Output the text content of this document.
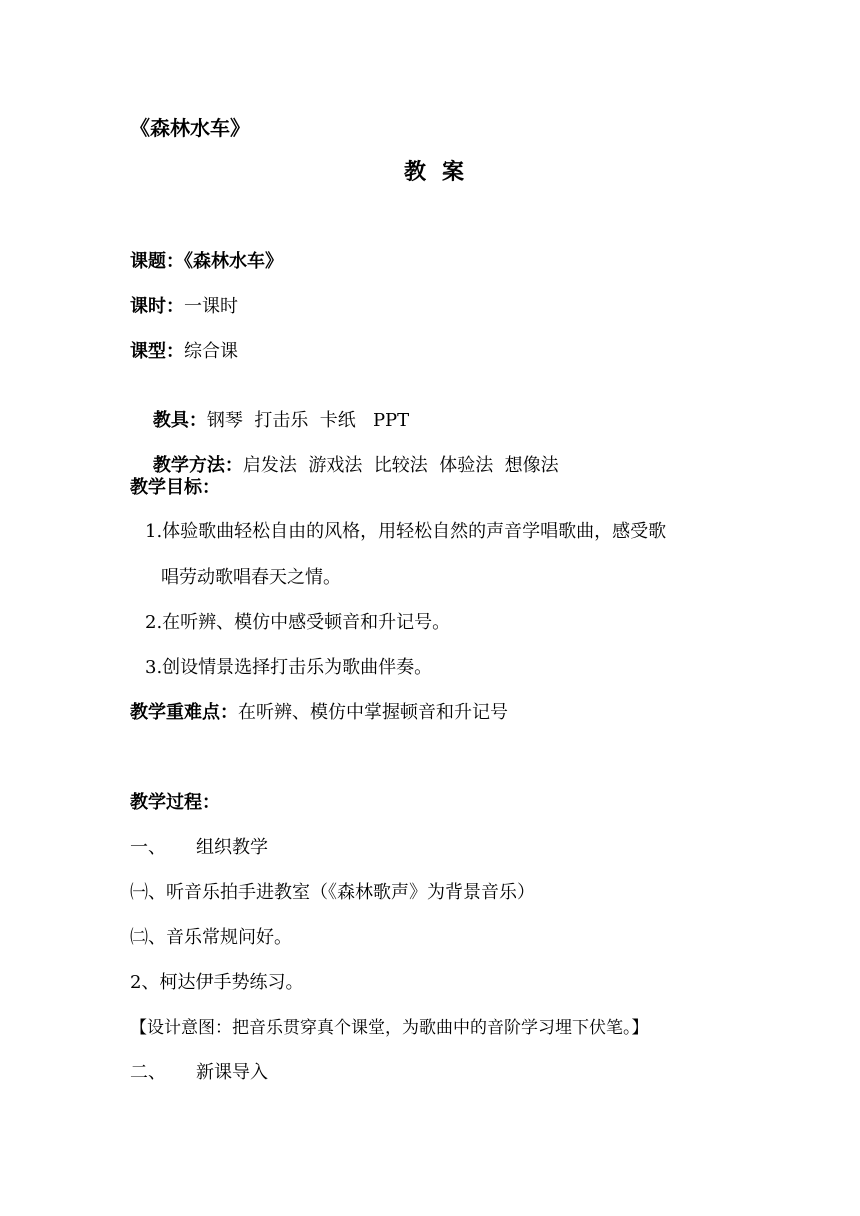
《森林水车》
教案
课题：《森林水车》
课时：一课时
课型：综合课

教具：钢琴  打击乐  卡纸   PPT

教学方法：启发法  游戏法  比较法  体验法  想像法

教学目标：
1.体验歌曲轻松自由的风格，用轻松自然的声音学唱歌曲，感受歌
唱劳动歌唱春天之情。
2.在听辨、模仿中感受顿音和升记号。
3.创设情景选择打击乐为歌曲伴奏。
教学重难点：在听辨、模仿中掌握顿音和升记号
教学过程：
一、 组织教学
㈠、听音乐拍手进教室（《森林歌声》为背景音乐）
㈡、音乐常规问好。
2、柯达伊手势练习。
【设计意图：把音乐贯穿真个课堂，为歌曲中的音阶学习埋下伏笔。】
二、 新课导入
